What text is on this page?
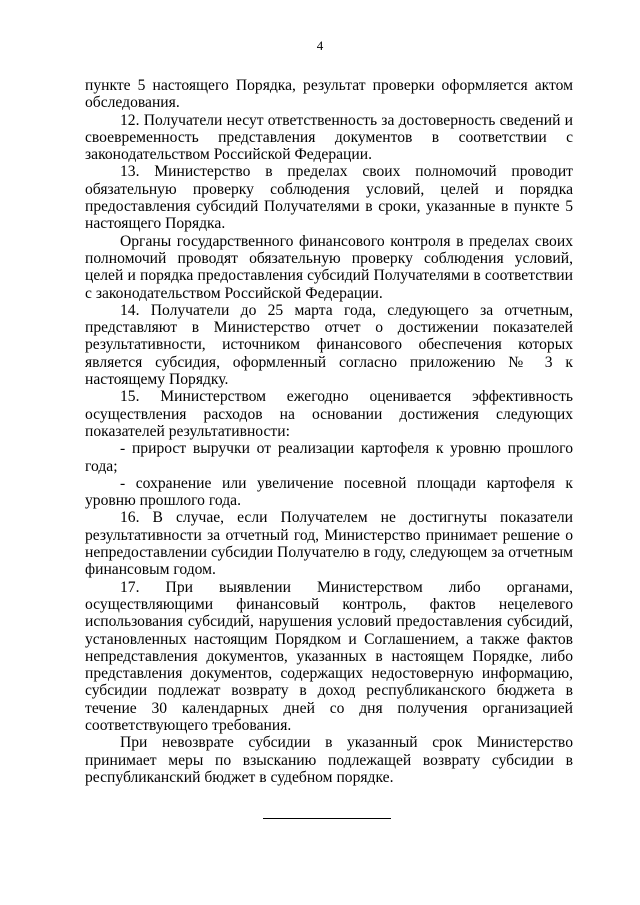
4

пункте 5 настоящего Порядка, результат проверки оформляется актом обследования.

12. Получатели несут ответственность за достоверность сведений и своевременность представления документов в соответствии с законодательством Российской Федерации.

13. Министерство в пределах своих полномочий проводит обязательную проверку соблюдения условий, целей и порядка предоставления субсидий Получателями в сроки, указанные в пункте 5 настоящего Порядка.

Органы государственного финансового контроля в пределах своих полномочий проводят обязательную проверку соблюдения условий, целей и порядка предоставления субсидий Получателями в соответствии с законодательством Российской Федерации.

14. Получатели до 25 марта года, следующего за отчетным, представляют в Министерство отчет о достижении показателей результативности, источником финансового обеспечения которых является субсидия, оформленный согласно приложению № 3 к настоящему Порядку.

15. Министерством ежегодно оценивается эффективность осуществления расходов на основании достижения следующих показателей результативности:

- прирост выручки от реализации картофеля к уровню прошлого года;

- сохранение или увеличение посевной площади картофеля к уровню прошлого года.

16. В случае, если Получателем не достигнуты показатели результативности за отчетный год, Министерство принимает решение о непредоставлении субсидии Получателю в году, следующем за отчетным финансовым годом.

17. При выявлении Министерством либо органами, осуществляющими финансовый контроль, фактов нецелевого использования субсидий, нарушения условий предоставления субсидий, установленных настоящим Порядком и Соглашением, а также фактов непредставления документов, указанных в настоящем Порядке, либо представления документов, содержащих недостоверную информацию, субсидии подлежат возврату в доход республиканского бюджета в течение 30 календарных дней со дня получения организацией соответствующего требования.

При невозврате субсидии в указанный срок Министерство принимает меры по взысканию подлежащей возврату субсидии в республиканский бюджет в судебном порядке.
